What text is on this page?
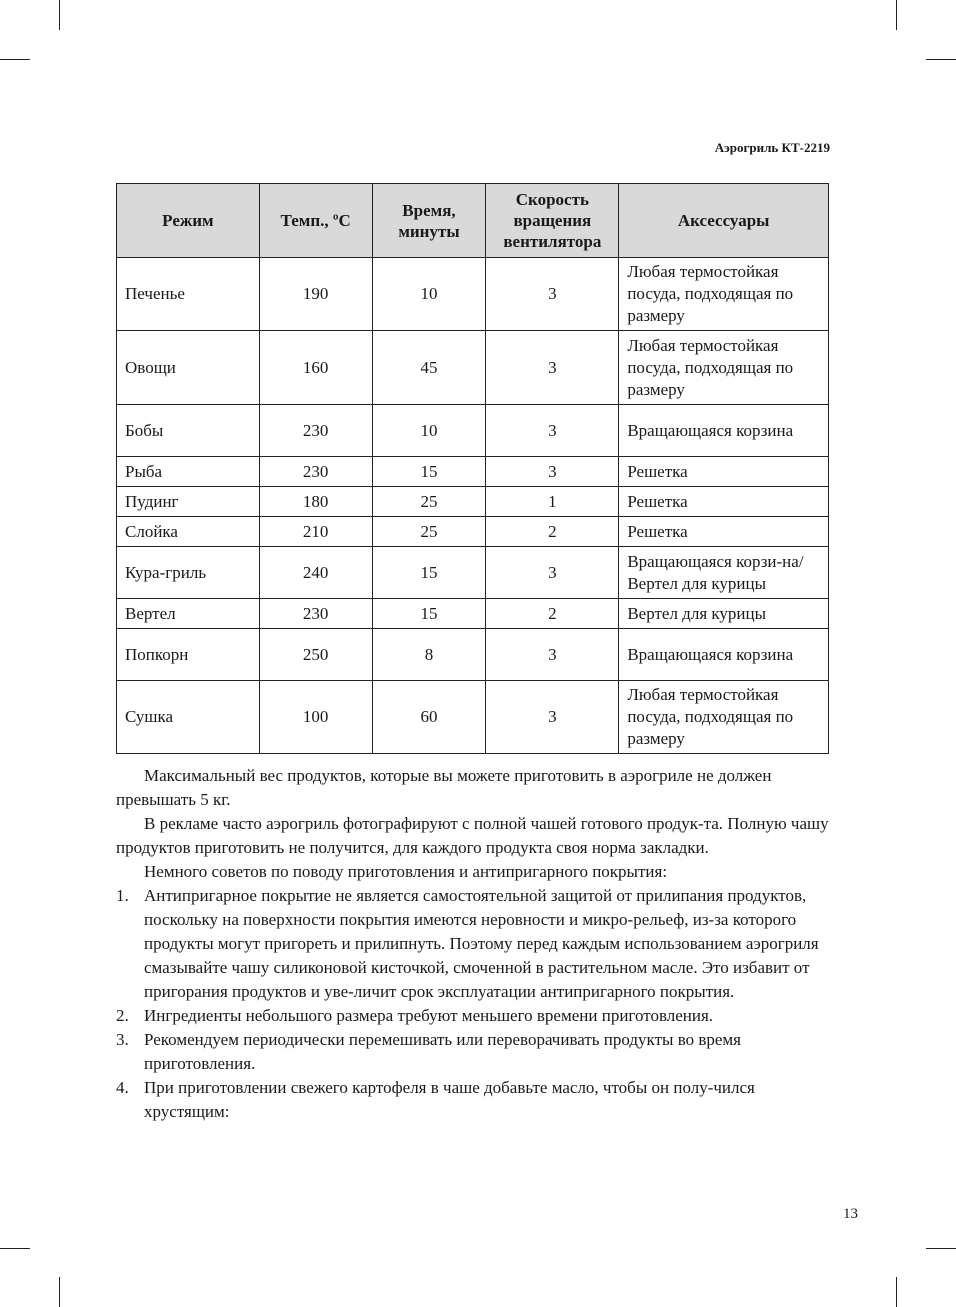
Аэрогриль КТ-2219
Режим	Темп., ºС	Время, минуты	Скорость вращения вентилятора	Аксессуары
Печенье	190	10	3	Любая термостойкая посуда, подходящая по размеру
Овощи	160	45	3	Любая термостойкая посуда, подходящая по размеру
Бобы	230	10	3	Вращающаяся корзина
Рыба	230	15	3	Решетка
Пудинг	180	25	1	Решетка
Слойка	210	25	2	Решетка
Кура-гриль	240	15	3	Вращающаяся корзи-на/ Вертел для курицы
Вертел	230	15	2	Вертел для курицы
Попкорн	250	8	3	Вращающаяся корзина
Сушка	100	60	3	Любая термостойкая посуда, подходящая по размеру

Максимальный вес продуктов, которые вы можете приготовить в аэрогриле не должен превышать 5 кг.

В рекламе часто аэрогриль фотографируют с полной чашей готового продук-та. Полную чашу продуктов приготовить не получится, для каждого продукта своя норма закладки.

Немного советов по поводу приготовления и антипригарного покрытия:

1. Антипригарное покрытие не является самостоятельной защитой от прилипания продуктов, поскольку на поверхности покрытия имеются неровности и микро-рельеф, из-за которого продукты могут пригореть и прилипнуть. Поэтому перед каждым использованием аэрогриля смазывайте чашу силиконовой кисточкой, смоченной в растительном масле. Это избавит от пригорания продуктов и уве-личит срок эксплуатации антипригарного покрытия.
2. Ингредиенты небольшого размера требуют меньшего времени приготовления.
3. Рекомендуем периодически перемешивать или переворачивать продукты во время приготовления.
4. При приготовлении свежего картофеля в чаше добавьте масло, чтобы он полу-чился хрустящим:
13
